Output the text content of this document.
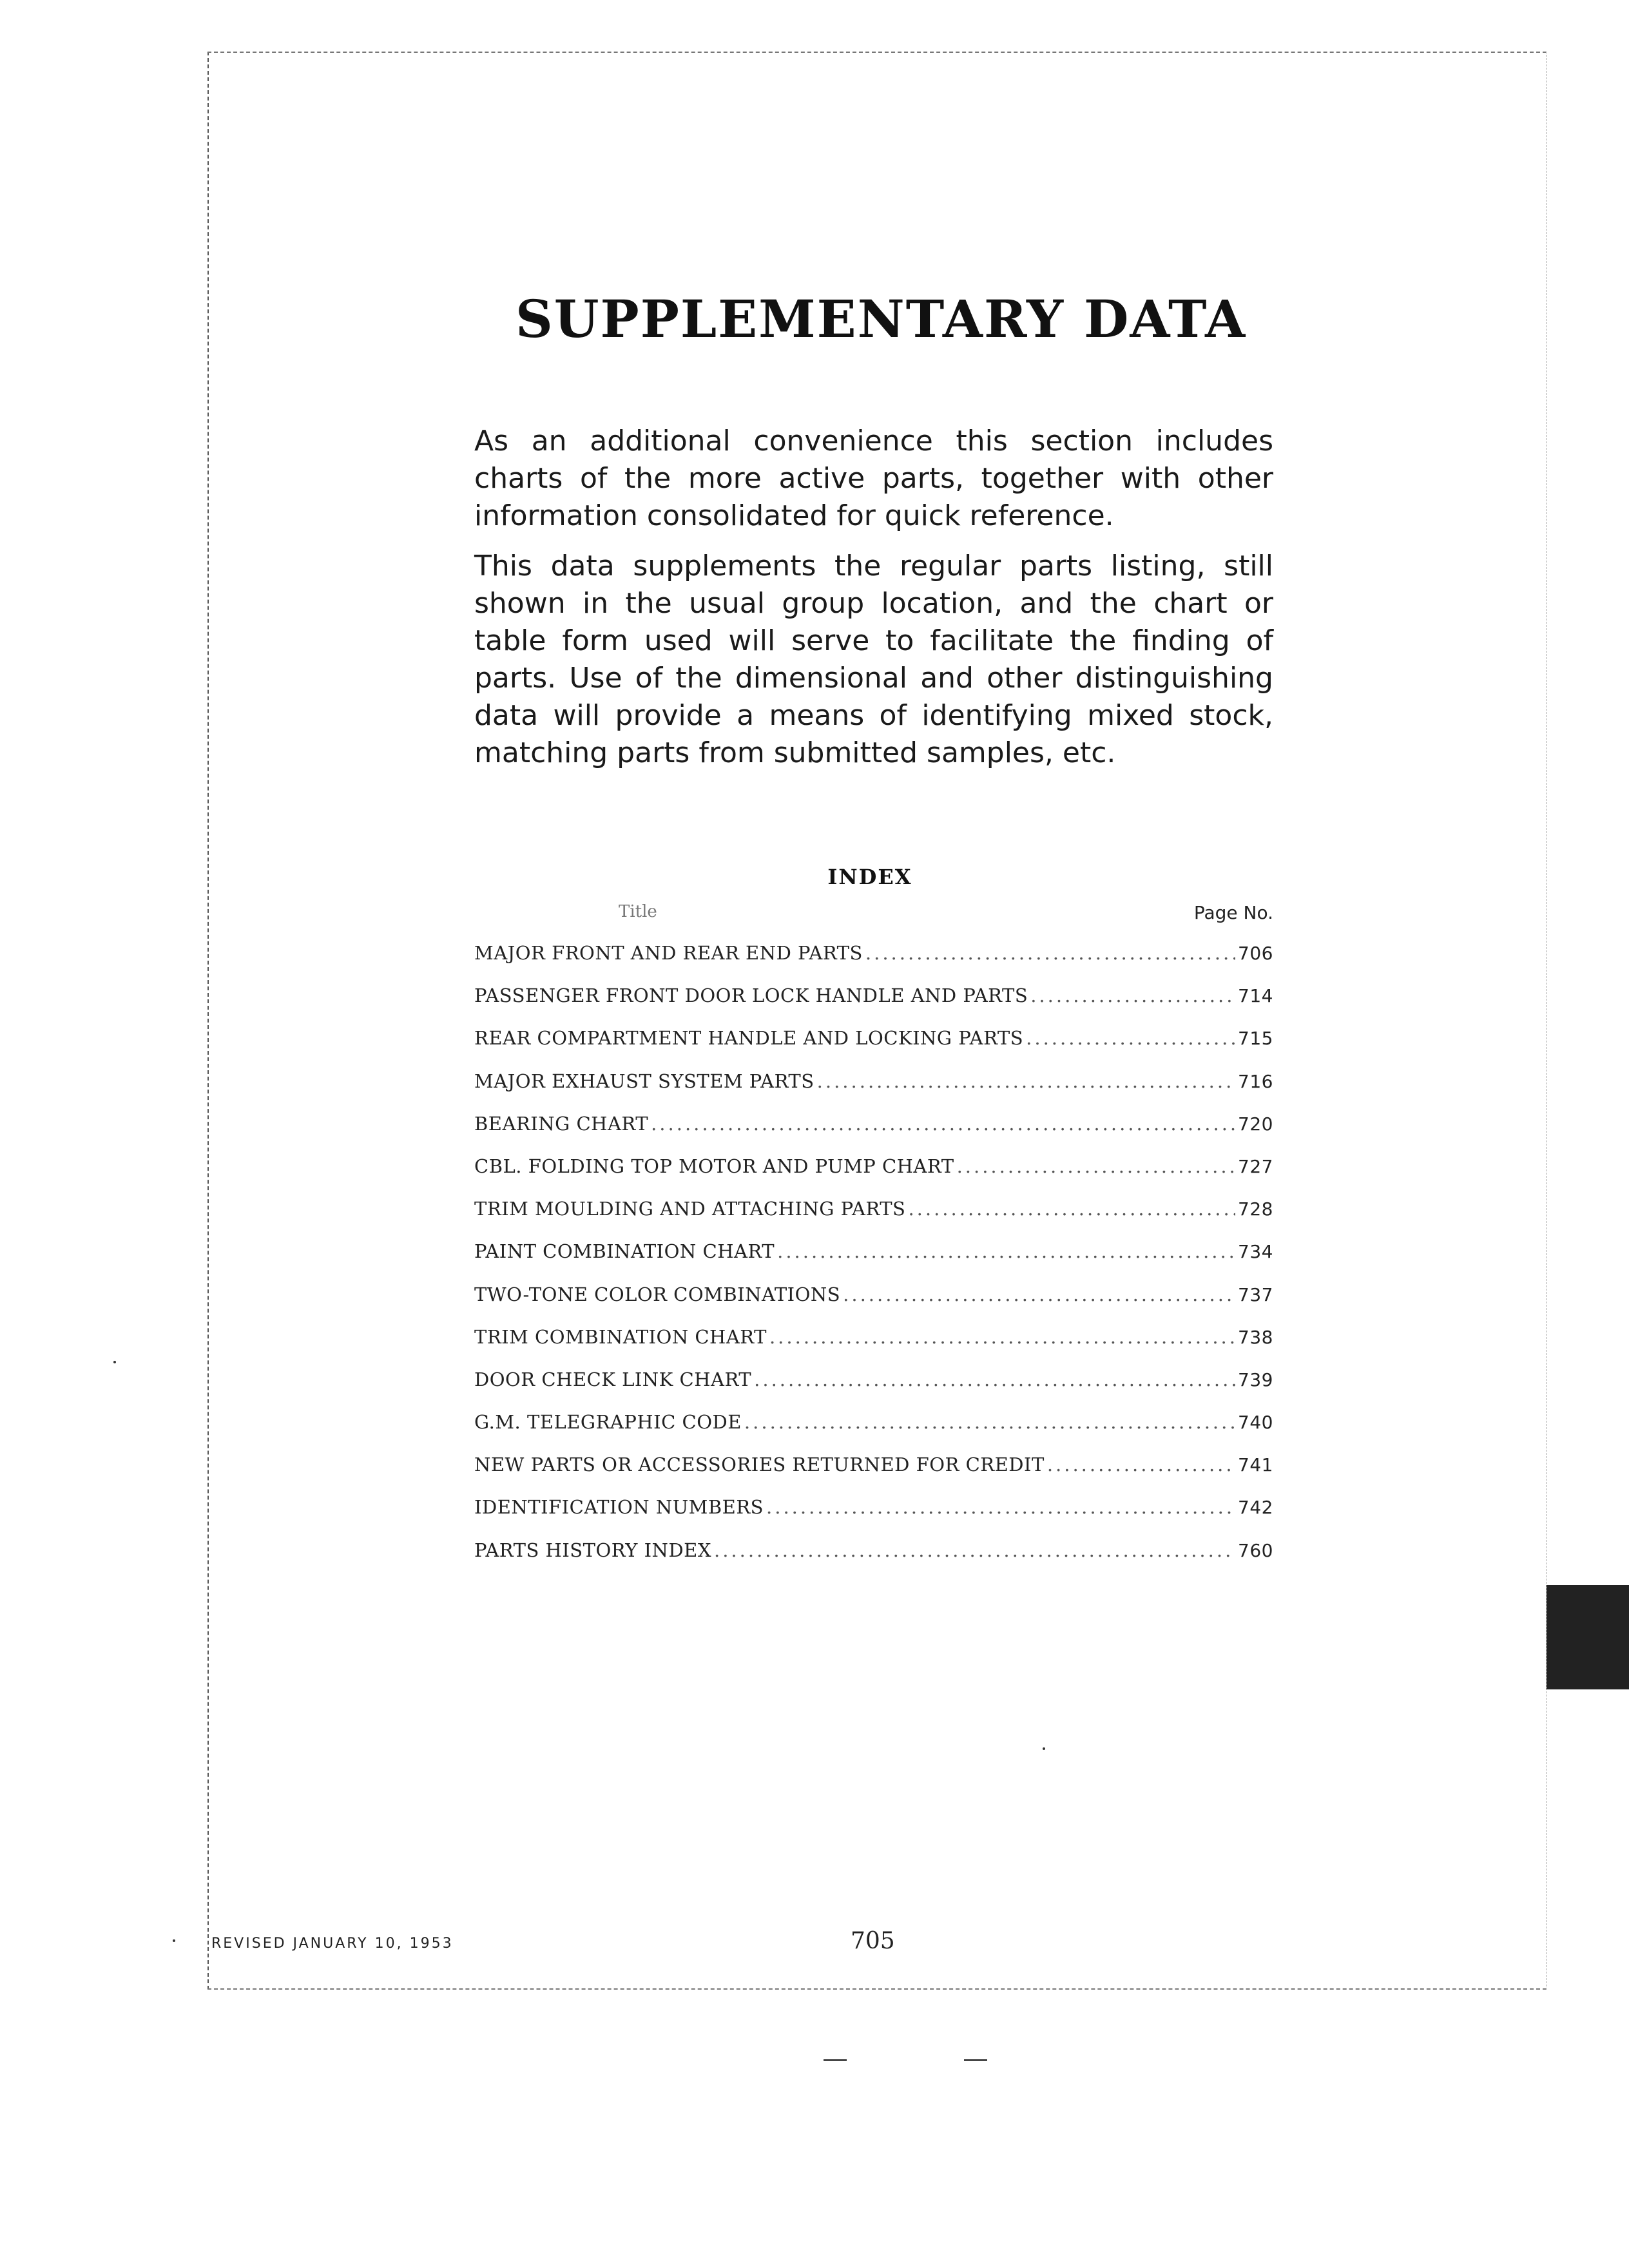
SUPPLEMENTARY DATA

As an additional convenience this section includes charts of the more active parts, together with other information consolidated for quick reference.

This data supplements the regular parts listing, still shown in the usual group location, and the chart or table form used will serve to facilitate the finding of parts. Use of the dimensional and other distinguishing data will provide a means of identifying mixed stock, matching parts from submitted samples, etc.

INDEX
Title	Page No.
MAJOR FRONT AND REAR END PARTS .....	706
PASSENGER FRONT DOOR LOCK HANDLE AND PARTS .....	714
REAR COMPARTMENT HANDLE AND LOCKING PARTS .....	715
MAJOR EXHAUST SYSTEM PARTS .....	716
BEARING CHART .....	720
CBL. FOLDING TOP MOTOR AND PUMP CHART .....	727
TRIM MOULDING AND ATTACHING PARTS .....	728
PAINT COMBINATION CHART .....	734
TWO-TONE COLOR COMBINATIONS .....	737
TRIM COMBINATION CHART .....	738
DOOR CHECK LINK CHART .....	739
G.M. TELEGRAPHIC CODE .....	740
NEW PARTS OR ACCESSORIES RETURNED FOR CREDIT .....	741
IDENTIFICATION NUMBERS .....	742
PARTS HISTORY INDEX .....	760
REVISED JANUARY 10, 1953	705
